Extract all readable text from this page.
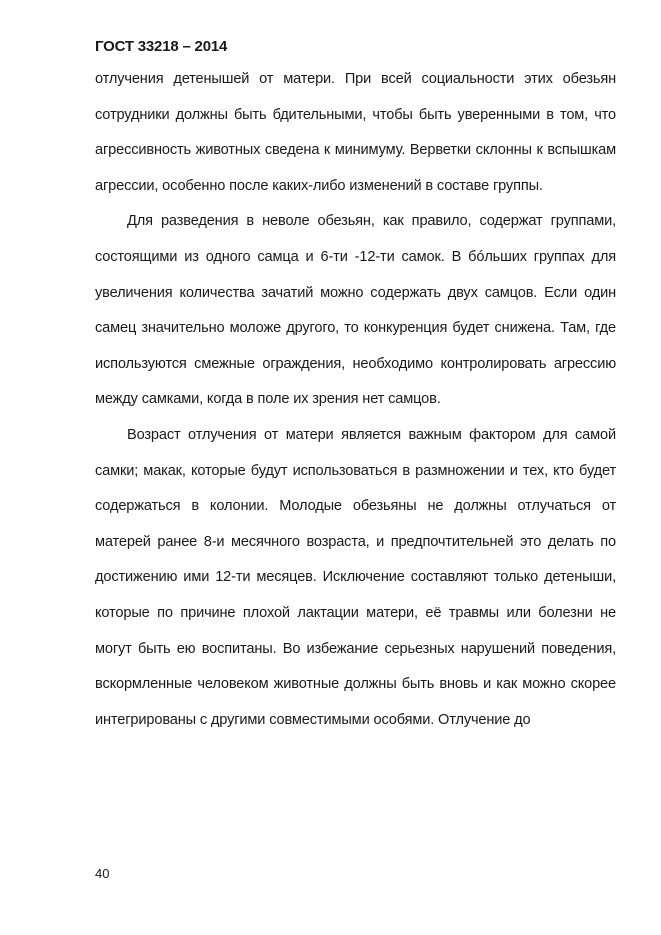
ГОСТ 33218 – 2014

отлучения детенышей от матери. При всей социальности этих обезьян сотрудники должны быть бдительными, чтобы быть уверенными в том, что агрессивность животных сведена к минимуму. Верветки склонны к вспышкам агрессии, особенно после каких-либо изменений в составе группы.

Для разведения в неволе обезьян, как правило, содержат группами, состоящими из одного самца и 6-ти -12-ти самок. В бóльших группах для увеличения количества зачатий можно содержать двух самцов. Если один самец значительно моложе другого, то конкуренция будет снижена. Там, где используются смежные ограждения, необходимо контролировать агрессию между самками, когда в поле их зрения нет самцов.

Возраст отлучения от матери является важным фактором для самой самки; макак, которые будут использоваться в размножении и тех, кто будет содержаться в колонии. Молодые обезьяны не должны отлучаться от матерей ранее 8-и месячного возраста, и предпочтительней это делать по достижению ими 12-ти месяцев. Исключение составляют только детеныши, которые по причине плохой лактации матери, её травмы или болезни не могут быть ею воспитаны. Во избежание серьезных нарушений поведения, вскормленные человеком животные должны быть вновь и как можно скорее интегрированы с другими совместимыми особями. Отлучение до

40
